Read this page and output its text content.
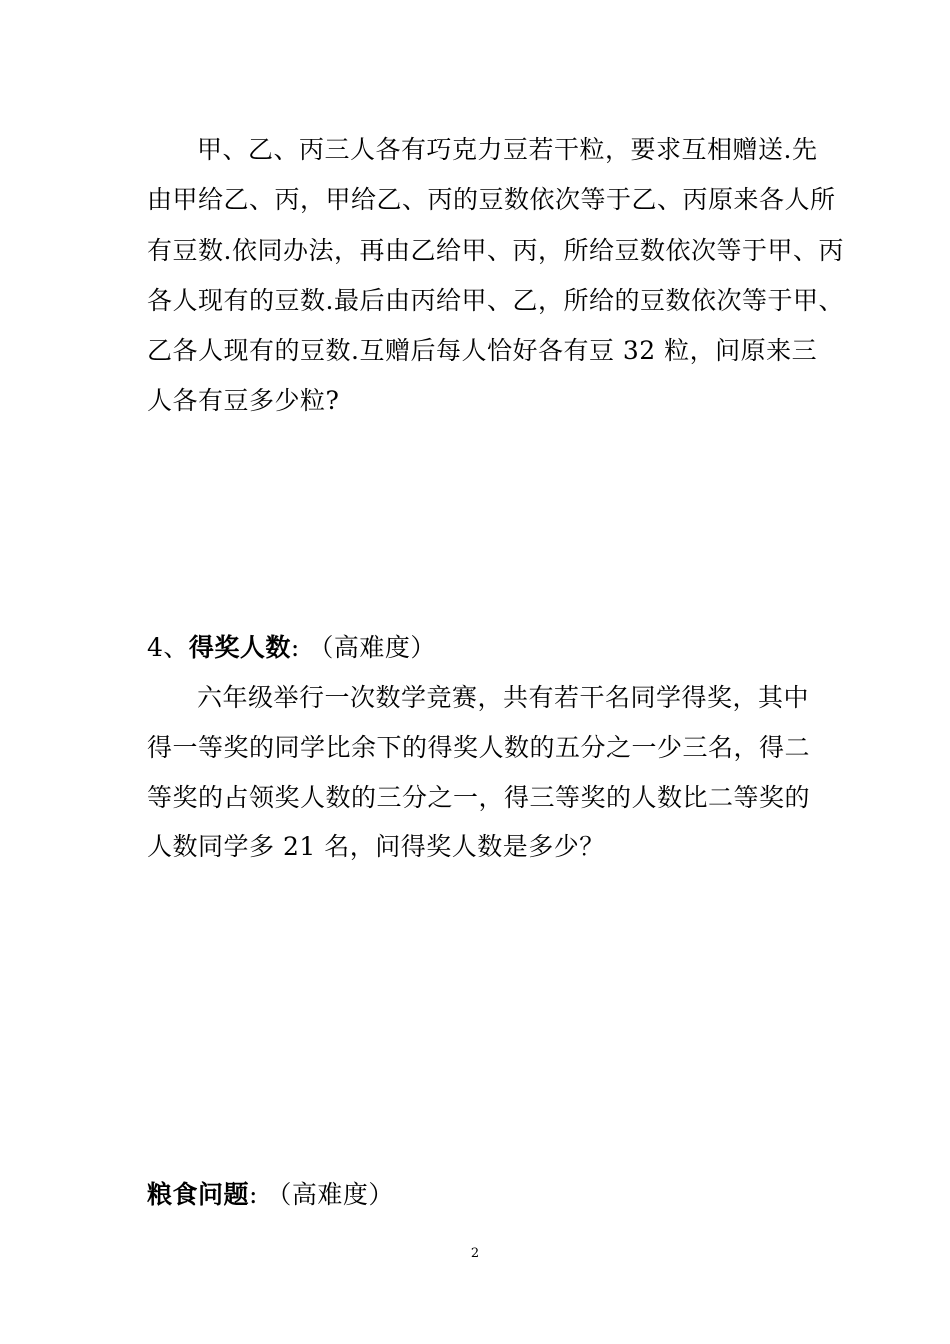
甲、乙、丙三人各有巧克力豆若干粒，要求互相赠送.先
由甲给乙、丙，甲给乙、丙的豆数依次等于乙、丙原来各人所
有豆数.依同办法，再由乙给甲、丙，所给豆数依次等于甲、丙
各人现有的豆数.最后由丙给甲、乙，所给的豆数依次等于甲、
乙各人现有的豆数.互赠后每人恰好各有豆 32 粒，问原来三
人各有豆多少粒?
4、得奖人数: （高难度）
六年级举行一次数学竞赛，共有若干名同学得奖，其中
得一等奖的同学比余下的得奖人数的五分之一少三名，得二
等奖的占领奖人数的三分之一，得三等奖的人数比二等奖的
人数同学多 21 名，问得奖人数是多少？
粮食问题: （高难度）
2
